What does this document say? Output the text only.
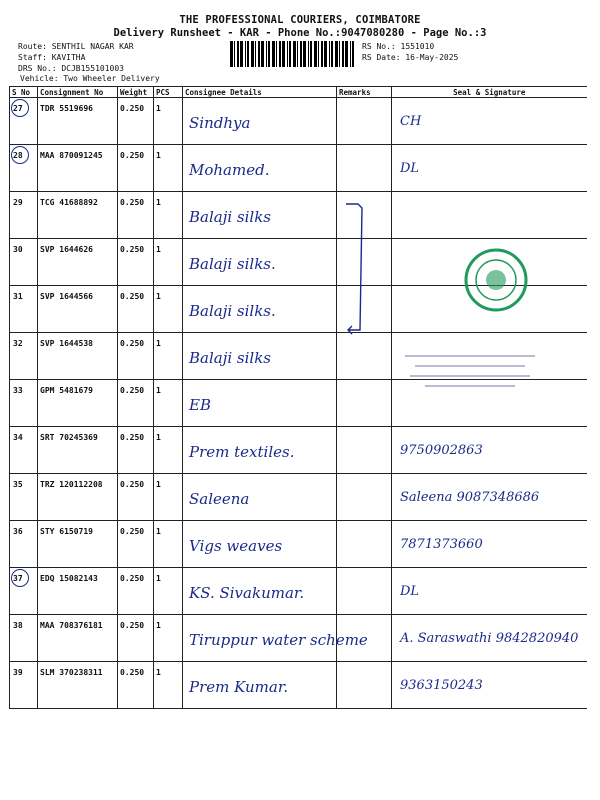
THE PROFESSIONAL COURIERS, COIMBATORE
Delivery Runsheet - KAR - Phone No.:9047080280 - Page No.:3
Route: SENTHIL NAGAR KAR
Staff: KAVITHA
DRS No.: DCJB155101003
RS No.: 1551010
RS Date: 16-May-2025
Vehicle: Two Wheeler Delivery
S No	Consignment No	Weight	PCS	Consignee Details	Remarks	Seal & Signature

27	TDR 5519696	0.250	1	Sindhya		CH

28	MAA 870091245	0.250	1	Mohamed.		DL
29	TCG 41688892	0.250	1	Balaji silks		
30	SVP 1644626	0.250	1	Balaji silks.		
31	SVP 1644566	0.250	1	Balaji silks.		
32	SVP 1644538	0.250	1	Balaji silks		
33	GPM 5481679	0.250	1	EB		
34	SRT 70245369	0.250	1	Prem textiles.		9750902863
35	TRZ 120112208	0.250	1	Saleena		Saleena 9087348686
36	STY 6150719	0.250	1	Vigs weaves		7871373660

37	EDQ 15082143	0.250	1	KS. Sivakumar.		DL
38	MAA 708376181	0.250	1	Tiruppur water scheme		A. Saraswathi 9842820940
39	SLM 370238311	0.250	1	Prem Kumar.		9363150243
